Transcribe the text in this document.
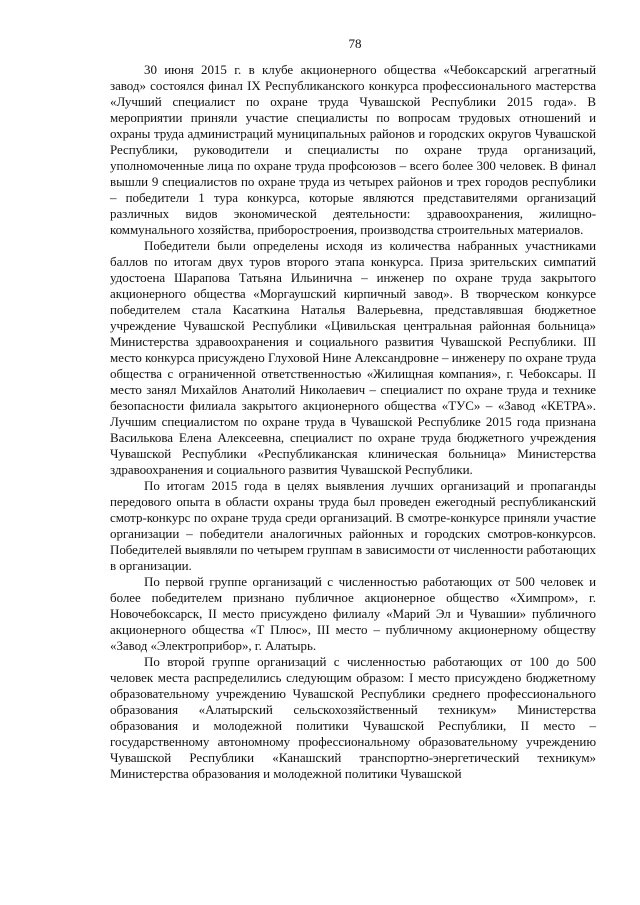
78

30 июня 2015 г. в клубе акционерного общества «Чебоксарский агрегатный завод» состоялся финал IX Республиканского конкурса профессионального мастерства «Лучший специалист по охране труда Чувашской Республики 2015 года». В мероприятии приняли участие специалисты по вопросам трудовых отношений и охраны труда администраций муниципальных районов и городских округов Чувашской Республики, руководители и специалисты по охране труда организаций, уполномоченные лица по охране труда профсоюзов – всего более 300 человек. В финал вышли 9 специалистов по охране труда из четырех районов и трех городов республики – победители 1 тура конкурса, которые являются представителями организаций различных видов экономической деятельности: здравоохранения, жилищно-коммунального хозяйства, приборостроения, производства строительных материалов.

Победители были определены исходя из количества набранных участниками баллов по итогам двух туров второго этапа конкурса. Приза зрительских симпатий удостоена Шарапова Татьяна Ильинична – инженер по охране труда закрытого акционерного общества «Моргаушский кирпичный завод». В творческом конкурсе победителем стала Касаткина Наталья Валерьевна, представлявшая бюджетное учреждение Чувашской Республики «Цивильская центральная районная больница» Министерства здравоохранения и социального развития Чувашской Республики. III место конкурса присуждено Глуховой Нине Александровне – инженеру по охране труда общества с ограниченной ответственностью «Жилищная компания», г. Чебоксары. II место занял Михайлов Анатолий Николаевич – специалист по охране труда и технике безопасности филиала закрытого акционерного общества «ТУС» – «Завод «КЕТРА». Лучшим специалистом по охране труда в Чувашской Республике 2015 года признана Василькова Елена Алексеевна, специалист по охране труда бюджетного учреждения Чувашской Республики «Республиканская клиническая больница» Министерства здравоохранения и социального развития Чувашской Республики.

По итогам 2015 года в целях выявления лучших организаций и пропаганды передового опыта в области охраны труда был проведен ежегодный республиканский смотр-конкурс по охране труда среди организаций. В смотре-конкурсе приняли участие организации – победители аналогичных районных и городских смотров-конкурсов. Победителей выявляли по четырем группам в зависимости от численности работающих в организации.

По первой группе организаций с численностью работающих от 500 человек и более победителем признано публичное акционерное общество «Химпром», г. Новочебоксарск, II место присуждено филиалу «Марий Эл и Чувашии» публичного акционерного общества «Т Плюс», III место – публичному акционерному обществу «Завод «Электроприбор», г. Алатырь.

По второй группе организаций с численностью работающих от 100 до 500 человек места распределились следующим образом: I место присуждено бюджетному образовательному учреждению Чувашской Республики среднего профессионального образования «Алатырский сельскохозяйственный техникум» Министерства образования и молодежной политики Чувашской Республики, II место – государственному автономному профессиональному образовательному учреждению Чувашской Республики «Канашский транспортно-энергетический техникум» Министерства образования и молодежной политики Чувашской
